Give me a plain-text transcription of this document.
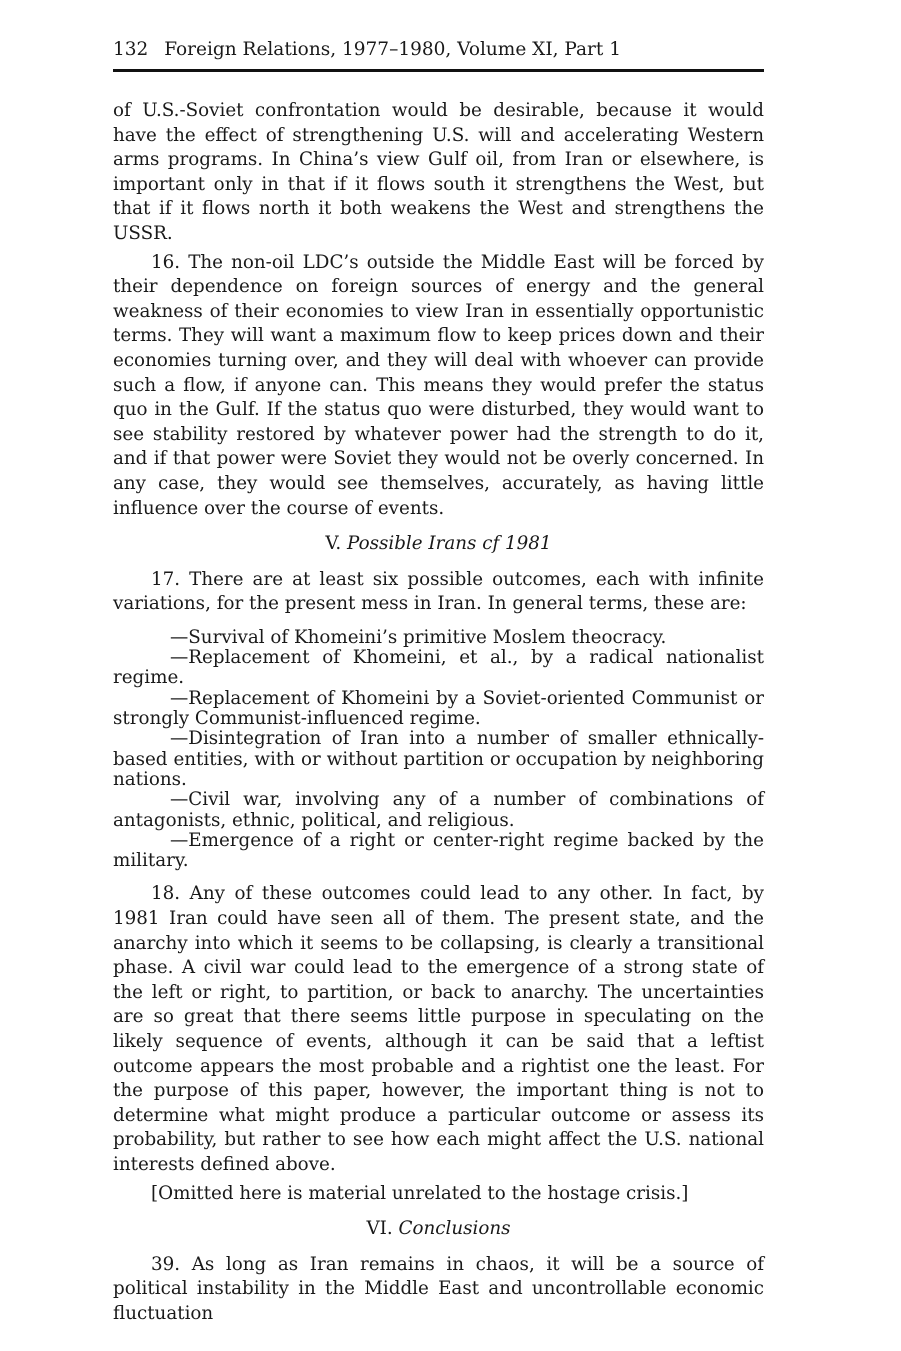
132 Foreign Relations, 1977–1980, Volume XI, Part 1

of U.S.-Soviet confrontation would be desirable, because it would have the effect of strengthening U.S. will and accelerating Western arms programs. In China’s view Gulf oil, from Iran or elsewhere, is important only in that if it flows south it strengthens the West, but that if it flows north it both weakens the West and strengthens the USSR.

16. The non-oil LDC’s outside the Middle East will be forced by their dependence on foreign sources of energy and the general weakness of their economies to view Iran in essentially opportunistic terms. They will want a maximum flow to keep prices down and their economies turning over, and they will deal with whoever can provide such a flow, if anyone can. This means they would prefer the status quo in the Gulf. If the status quo were disturbed, they would want to see stability restored by whatever power had the strength to do it, and if that power were Soviet they would not be overly concerned. In any case, they would see themselves, accurately, as having little influence over the course of events.

V. Possible Irans cf 1981

17. There are at least six possible outcomes, each with infinite variations, for the present mess in Iran. In general terms, these are:

—Survival of Khomeini’s primitive Moslem theocracy.

—Replacement of Khomeini, et al., by a radical nationalist regime.

—Replacement of Khomeini by a Soviet-oriented Communist or strongly Communist-influenced regime.

—Disintegration of Iran into a number of smaller ethnically-based entities, with or without partition or occupation by neighboring nations.

—Civil war, involving any of a number of combinations of antagonists, ethnic, political, and religious.

—Emergence of a right or center-right regime backed by the military.

18. Any of these outcomes could lead to any other. In fact, by 1981 Iran could have seen all of them. The present state, and the anarchy into which it seems to be collapsing, is clearly a transitional phase. A civil war could lead to the emergence of a strong state of the left or right, to partition, or back to anarchy. The uncertainties are so great that there seems little purpose in speculating on the likely sequence of events, although it can be said that a leftist outcome appears the most probable and a rightist one the least. For the purpose of this paper, however, the important thing is not to determine what might produce a particular outcome or assess its probability, but rather to see how each might affect the U.S. national interests defined above.

[Omitted here is material unrelated to the hostage crisis.]

VI. Conclusions

39. As long as Iran remains in chaos, it will be a source of political instability in the Middle East and uncontrollable economic fluctuation
